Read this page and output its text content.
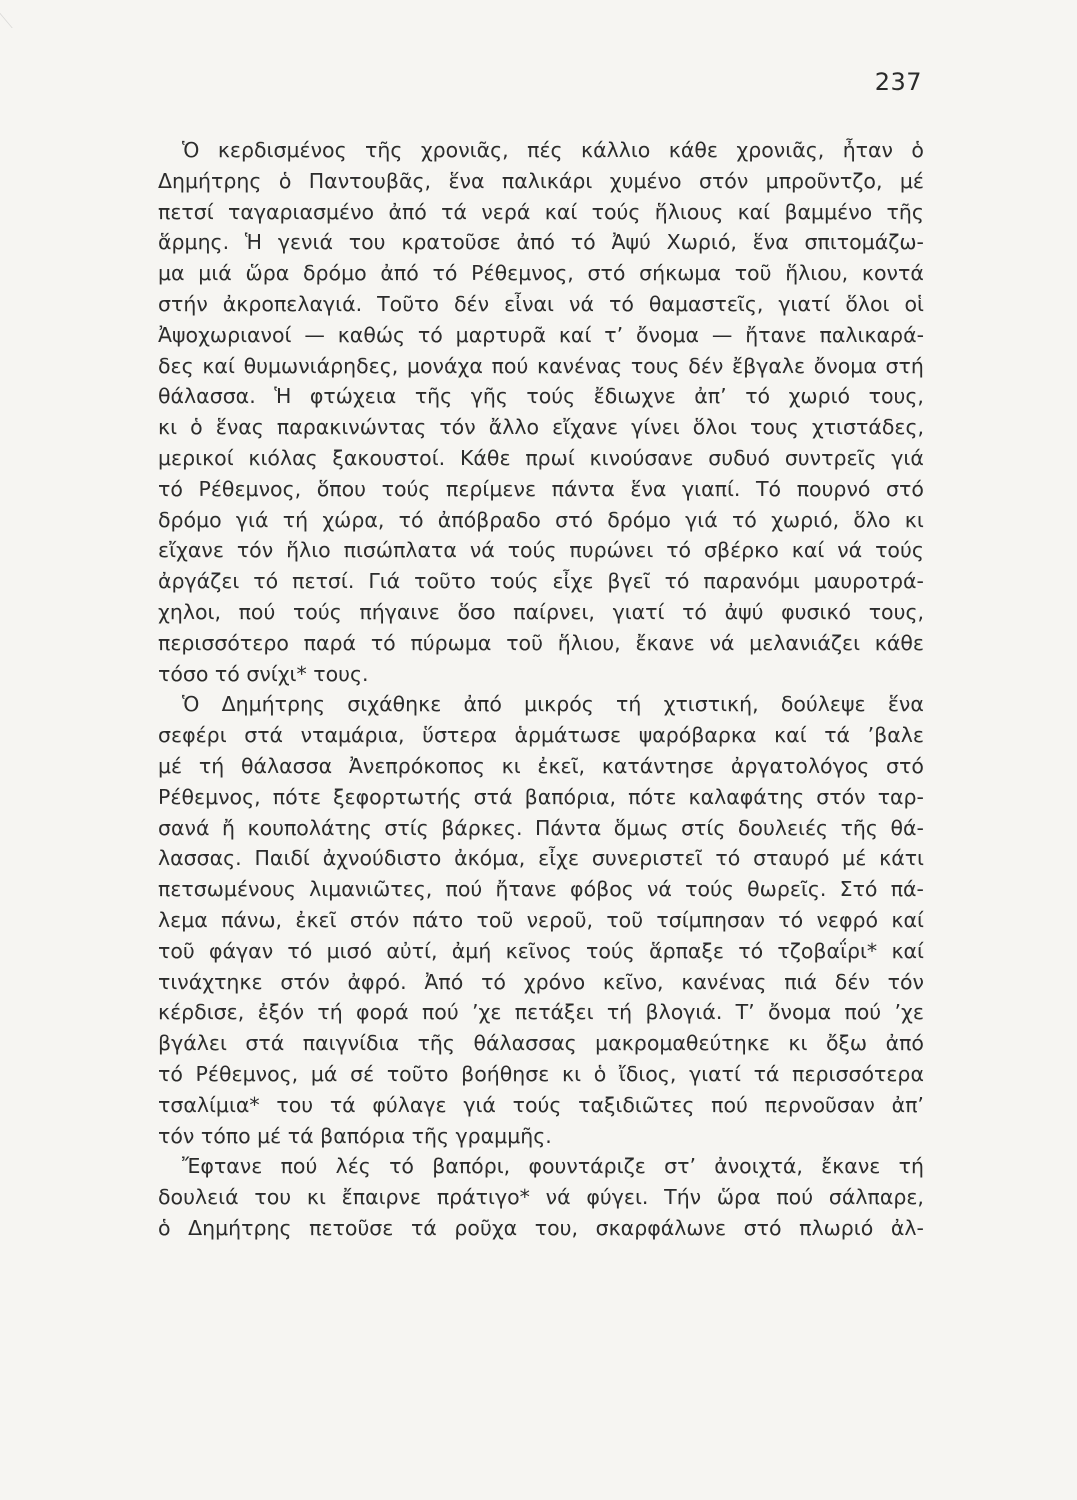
237
Ὁ κερδισμένος τῆς χρονιᾶς, πές κάλλιο κάθε χρονιᾶς, ἦταν ὁ
Δημήτρης ὁ Παντουβᾶς, ἕνα παλικάρι χυμένο στόν μπροῦντζο, μέ
πετσί ταγαριασμένο ἀπό τά νερά καί τούς ἥλιους καί βαμμένο τῆς
ἅρμης. Ἡ γενιά του κρατοῦσε ἀπό τό Ἀψύ Χωριό, ἕνα σπιτομάζω-
μα μιά ὥρα δρόμο ἀπό τό Ρέθεμνος, στό σήκωμα τοῦ ἥλιου, κοντά
στήν ἀκροπελαγιά. Τοῦτο δέν εἶναι νά τό θαμαστεῖς, γιατί ὅλοι οἱ
Ἀψοχωριανοί — καθώς τό μαρτυρᾶ καί τ’ ὄνομα — ἤτανε παλικαρά-
δες καί θυμωνιάρηδες, μονάχα πού κανένας τους δέν ἔβγαλε ὄνομα στή
θάλασσα. Ἡ φτώχεια τῆς γῆς τούς ἔδιωχνε ἀπ’ τό χωριό τους,
κι ὁ ἕνας παρακινώντας τόν ἄλλο εἴχανε γίνει ὅλοι τους χτιστάδες,
μερικοί κιόλας ξακουστοί. Κάθε πρωί κινούσανε συδυό συντρεῖς γιά
τό Ρέθεμνος, ὅπου τούς περίμενε πάντα ἕνα γιαπί. Τό πουρνό στό
δρόμο γιά τή χώρα, τό ἀπόβραδο στό δρόμο γιά τό χωριό, ὅλο κι
εἴχανε τόν ἥλιο πισώπλατα νά τούς πυρώνει τό σβέρκο καί νά τούς
ἀργάζει τό πετσί. Γιά τοῦτο τούς εἶχε βγεῖ τό παρανόμι μαυροτρά-
χηλοι, πού τούς πήγαινε ὅσο παίρνει, γιατί τό ἀψύ φυσικό τους,
περισσότερο παρά τό πύρωμα τοῦ ἥλιου, ἔκανε νά μελανιάζει κάθε
τόσο τό σνίχι* τους.
Ὁ Δημήτρης σιχάθηκε ἀπό μικρός τή χτιστική, δούλεψε ἕνα
σεφέρι στά νταμάρια, ὕστερα ἁρμάτωσε ψαρόβαρκα καί τά ’βαλε
μέ τή θάλασσα Ἀνεπρόκοπος κι ἐκεῖ, κατάντησε ἀργατολόγος στό
Ρέθεμνος, πότε ξεφορτωτής στά βαπόρια, πότε καλαφάτης στόν ταρ-
σανά ἤ κουπολάτης στίς βάρκες. Πάντα ὅμως στίς δουλειές τῆς θά-
λασσας. Παιδί ἀχνούδιστο ἀκόμα, εἶχε συνεριστεῖ τό σταυρό μέ κάτι
πετσωμένους λιμανιῶτες, πού ἤτανε φόβος νά τούς θωρεῖς. Στό πά-
λεμα πάνω, ἐκεῖ στόν πάτο τοῦ νεροῦ, τοῦ τσίμπησαν τό νεφρό καί
τοῦ φάγαν τό μισό αὐτί, ἀμή κεῖνος τούς ἅρπαξε τό τζοβαΐρι* καί
τινάχτηκε στόν ἀφρό. Ἀπό τό χρόνο κεῖνο, κανένας πιά δέν τόν
κέρδισε, ἐξόν τή φορά πού ’χε πετάξει τή βλογιά. Τ’ ὄνομα πού ’χε
βγάλει στά παιγνίδια τῆς θάλασσας μακρομαθεύτηκε κι ὄξω ἀπό
τό Ρέθεμνος, μά σέ τοῦτο βοήθησε κι ὁ ἴδιος, γιατί τά περισσότερα
τσαλίμια* του τά φύλαγε γιά τούς ταξιδιῶτες πού περνοῦσαν ἀπ’
τόν τόπο μέ τά βαπόρια τῆς γραμμῆς.
Ἔφτανε πού λές τό βαπόρι, φουντάριζε στ’ ἀνοιχτά, ἔκανε τή
δουλειά του κι ἔπαιρνε πράτιγο* νά φύγει. Τήν ὥρα πού σάλπαρε,
ὁ Δημήτρης πετοῦσε τά ροῦχα του, σκαρφάλωνε στό πλωριό ἀλ-
